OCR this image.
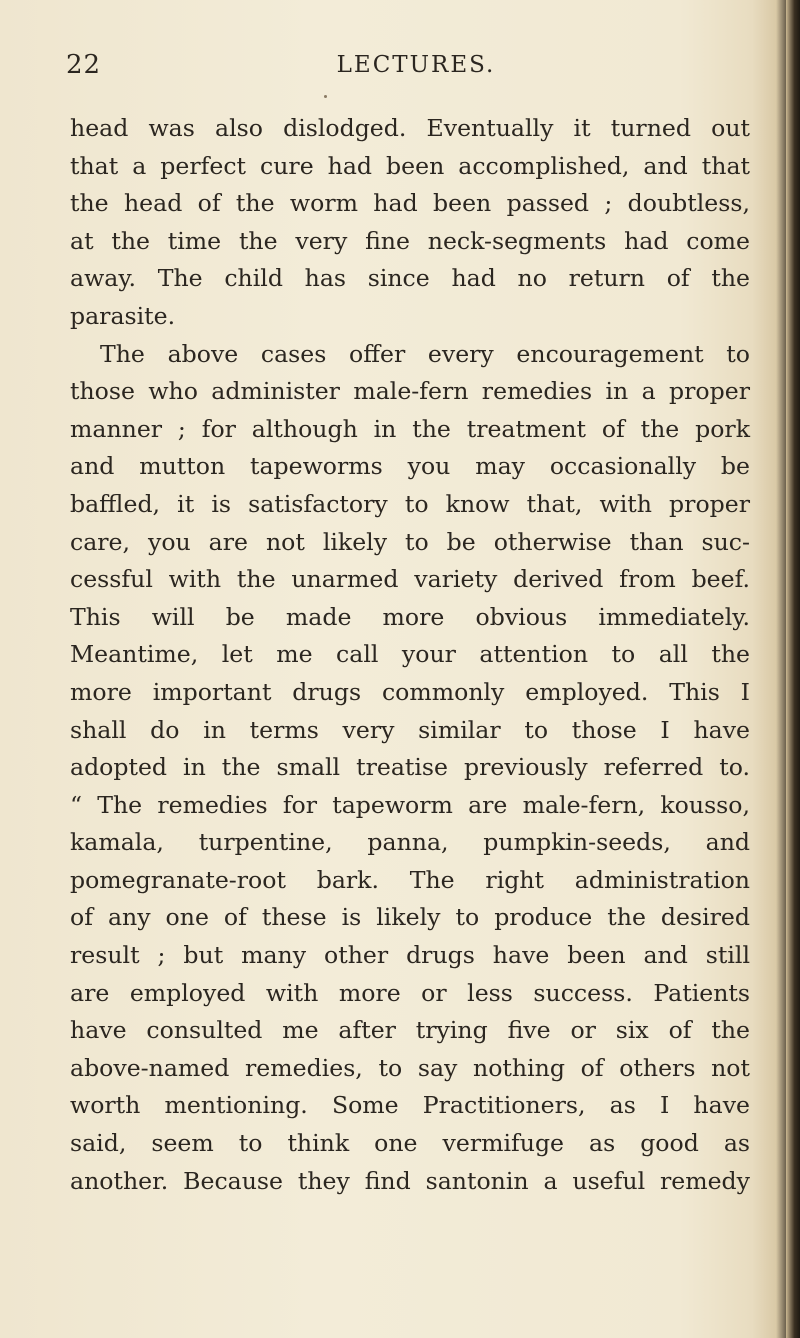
22	LECTURES.
head was also dislodged. Eventually it turned out
that a perfect cure had been accomplished, and that
the head of the worm had been passed ; doubtless,
at the time the very fine neck-segments had come
away. The child has since had no return of the
parasite.
The above cases offer every encouragement to
those who administer male-fern remedies in a proper
manner ; for although in the treatment of the pork
and mutton tapeworms you may occasionally be
baffled, it is satisfactory to know that, with proper
care, you are not likely to be otherwise than suc-
cessful with the unarmed variety derived from beef.
This will be made more obvious immediately.
Meantime, let me call your attention to all the
more important drugs commonly employed. This I
shall do in terms very similar to those I have
adopted in the small treatise previously referred to.
“ The remedies for tapeworm are male-fern, kousso,
kamala, turpentine, panna, pumpkin-seeds, and
pomegranate-root bark. The right administration
of any one of these is likely to produce the desired
result ; but many other drugs have been and still
are employed with more or less success. Patients
have consulted me after trying five or six of the
above-named remedies, to say nothing of others not
worth mentioning. Some Practitioners, as I have
said, seem to think one vermifuge as good as
another. Because they find santonin a useful remedy
